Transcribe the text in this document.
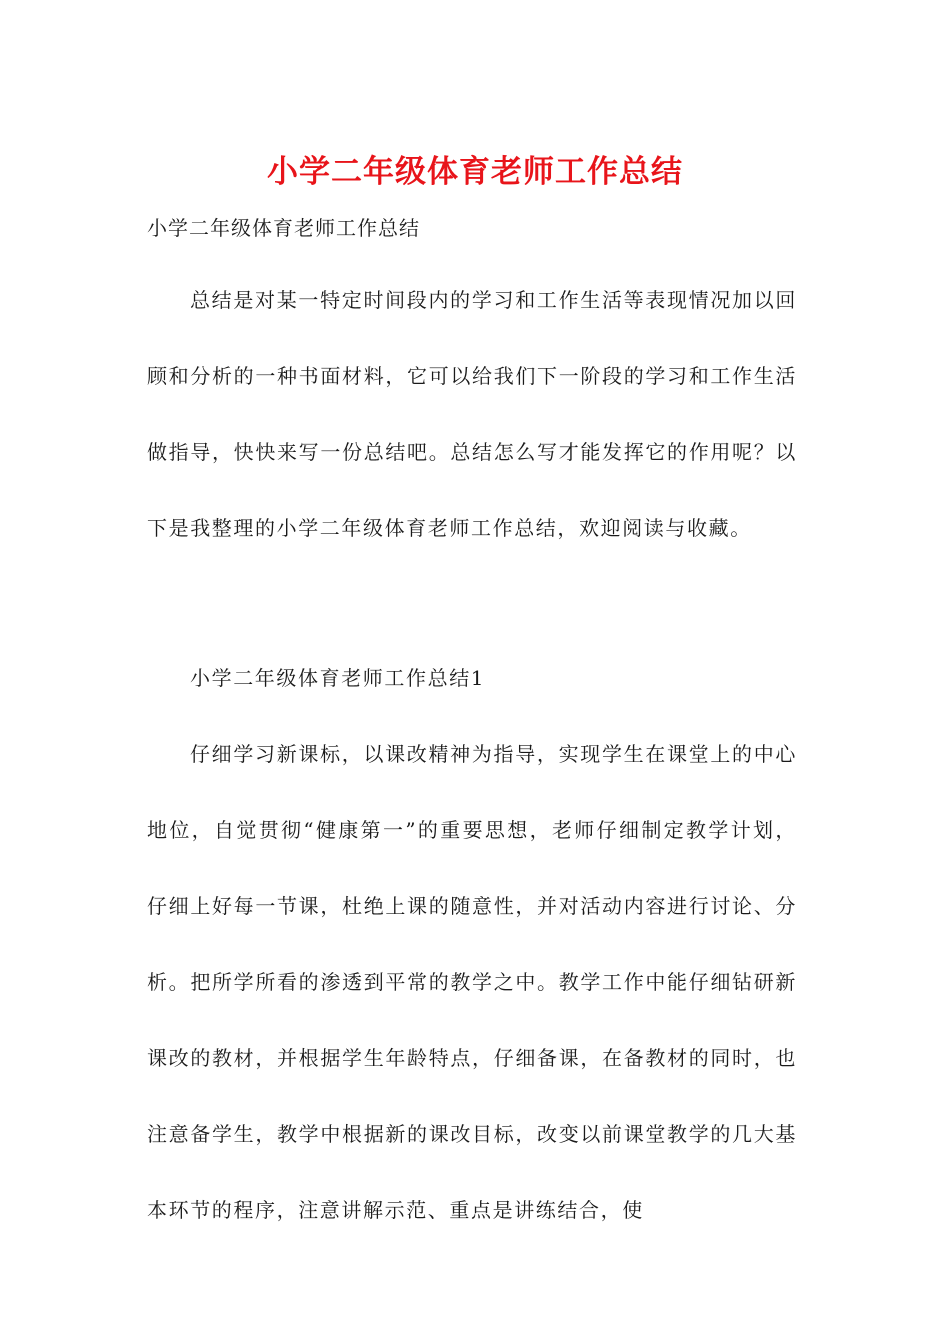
小学二年级体育老师工作总结

小学二年级体育老师工作总结

总结是对某一特定时间段内的学习和工作生活等表现情况加以回顾和分析的一种书面材料，它可以给我们下一阶段的学习和工作生活做指导，快快来写一份总结吧。总结怎么写才能发挥它的作用呢？以下是我整理的小学二年级体育老师工作总结，欢迎阅读与收藏。

小学二年级体育老师工作总结1

仔细学习新课标，以课改精神为指导，实现学生在课堂上的中心地位，自觉贯彻“健康第一”的重要思想，老师仔细制定教学计划，仔细上好每一节课，杜绝上课的随意性，并对活动内容进行讨论、分析。把所学所看的渗透到平常的教学之中。教学工作中能仔细钻研新课改的教材，并根据学生年龄特点，仔细备课，在备教材的同时，也注意备学生，教学中根据新的课改目标，改变以前课堂教学的几大基本环节的程序，注意讲解示范、重点是讲练结合，使
